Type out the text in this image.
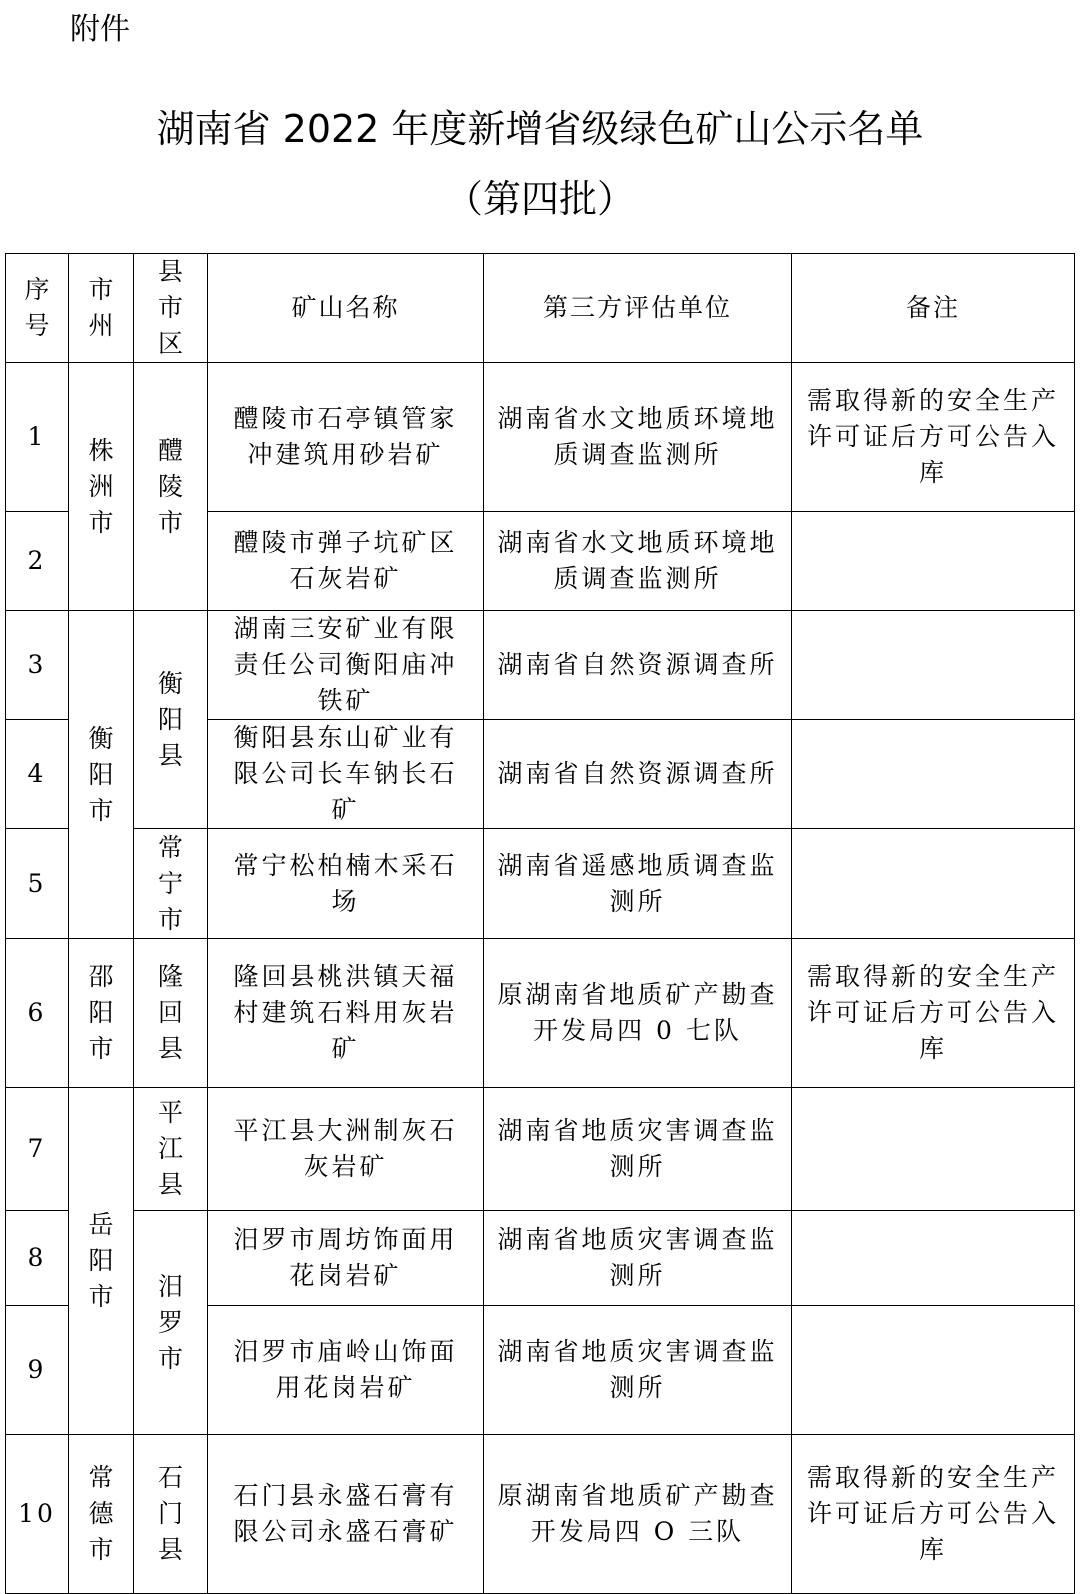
附件
湖南省 2022 年度新增省级绿色矿山公示名单
（第四批）
序号	市州	县市区	矿山名称	第三方评估单位	备注
1	株洲市	醴陵市	醴陵市石亭镇管家冲建筑用砂岩矿	湖南省水文地质环境地质调查监测所	需取得新的安全生产许可证后方可公告入库
2			醴陵市弹子坑矿区石灰岩矿	湖南省水文地质环境地质调查监测所	
3	衡阳市	衡阳县	湖南三安矿业有限责任公司衡阳庙冲铁矿	湖南省自然资源调查所	
4			衡阳县东山矿业有限公司长车钠长石矿	湖南省自然资源调查所	
5		常宁市	常宁松柏楠木采石场	湖南省遥感地质调查监测所	
6	邵阳市	隆回县	隆回县桃洪镇天福村建筑石料用灰岩矿	原湖南省地质矿产勘查开发局四 0 七队	需取得新的安全生产许可证后方可公告入库
7	岳阳市	平江县	平江县大洲制灰石灰岩矿	湖南省地质灾害调查监测所	
8		汨罗市	汨罗市周坊饰面用花岗岩矿	湖南省地质灾害调查监测所	
9			汨罗市庙岭山饰面用花岗岩矿	湖南省地质灾害调查监测所	
10	常德市	石门县	石门县永盛石膏有限公司永盛石膏矿	原湖南省地质矿产勘查开发局四 O 三队	需取得新的安全生产许可证后方可公告入库
